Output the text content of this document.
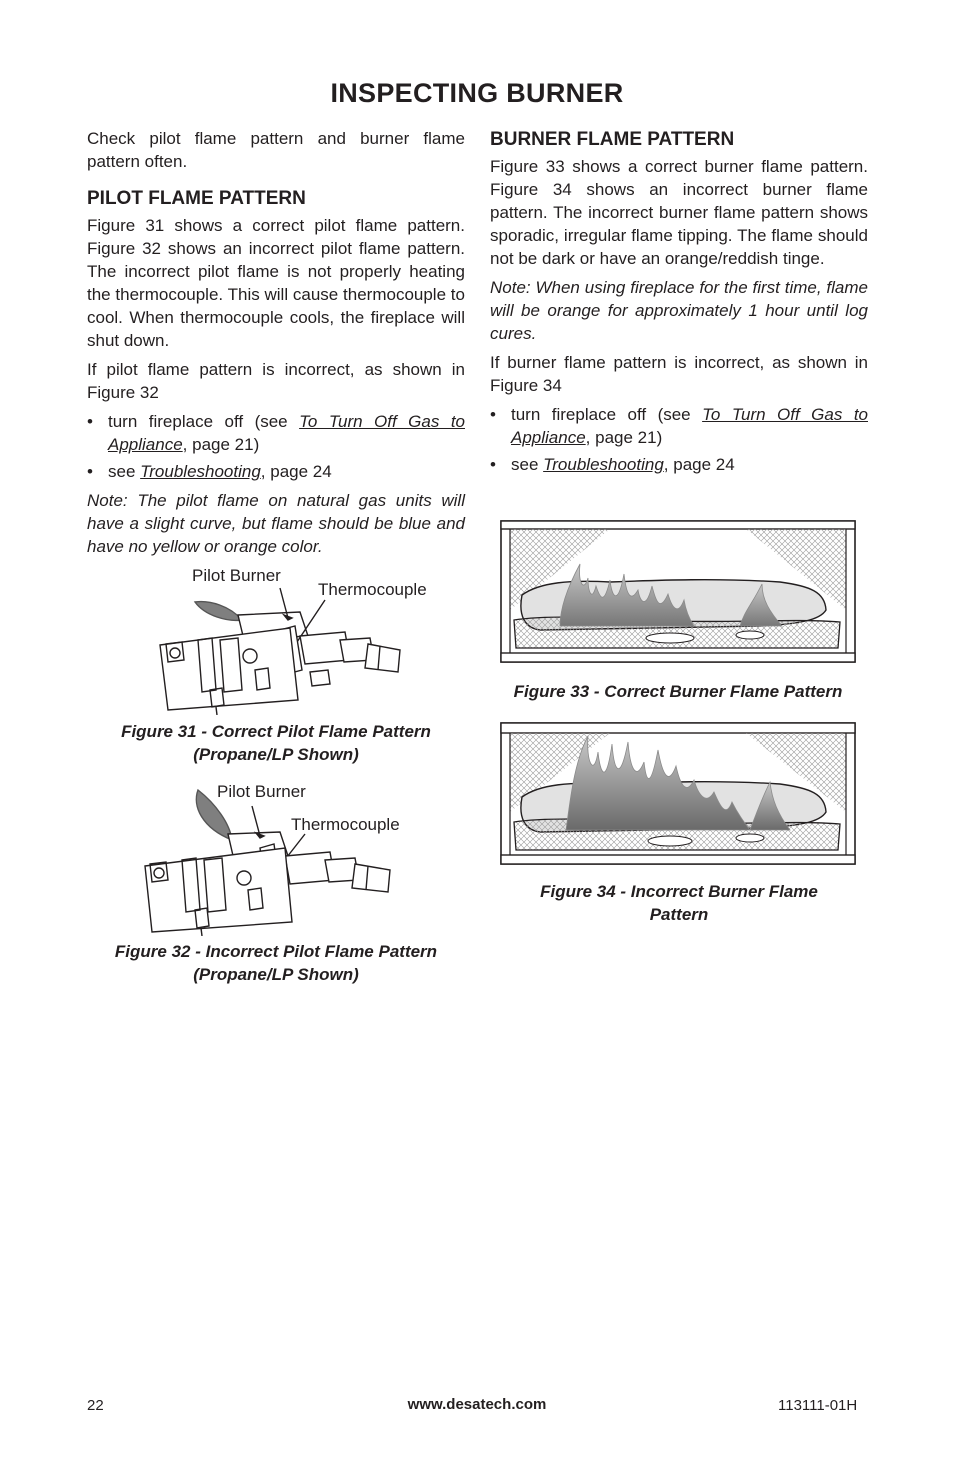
INSPECTING BURNER

Check pilot flame pattern and burner flame pattern often.

PILOT FLAME PATTERN

Figure 31 shows a correct pilot flame pattern. Figure 32 shows an incorrect pilot flame pattern. The incorrect pilot flame is not properly heating the thermocouple. This will cause thermocouple to cool. When thermocouple cools, the fireplace will shut down.

If pilot flame pattern is incorrect, as shown in Figure 32

• turn fireplace off (see To Turn Off Gas to Appliance, page 21)
• see Troubleshooting, page 24

Note: The pilot flame on natural gas units will have a slight curve, but flame should be blue and have no yellow or orange color.

BURNER FLAME PATTERN

Figure 33 shows a correct burner flame pattern. Figure 34 shows an incorrect burner flame pattern. The incorrect burner flame pattern shows sporadic, irregular flame tipping. The flame should not be dark or have an orange/reddish tinge.

Note: When using fireplace for the first time, flame will be orange for approximately 1 hour until log cures.

If burner flame pattern is incorrect, as shown in Figure 34

• turn fireplace off (see To Turn Off Gas to Appliance, page 21)
• see Troubleshooting, page 24
Pilot Burner
Thermocouple
Figure 31 - Correct Pilot Flame Pattern
(Propane/LP Shown)
Pilot Burner
Thermocouple
Figure 32 - Incorrect Pilot Flame Pattern
(Propane/LP Shown)
Figure 33 - Correct Burner Flame Pattern
Figure 34 - Incorrect Burner Flame
Pattern
22	www.desatech.com	113111-01H
